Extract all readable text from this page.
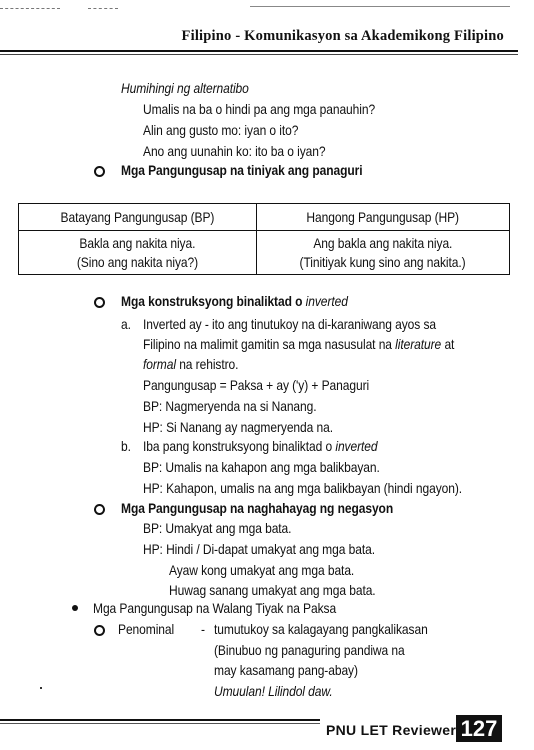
Filipino - Komunikasyon sa Akademikong Filipino
Humihingi ng alternatibo
Umalis na ba o hindi pa ang mga panauhin?
Alin ang gusto mo: iyan o ito?
Ano ang uunahin ko: ito ba o iyan?
Mga Pangungusap na tiniyak ang panaguri
Batayang Pangungusap (BP)	Hangong Pangungusap (HP)
Bakla ang nakita niya.
(Sino ang nakita niya?)
Ang bakla ang nakita niya.
(Tinitiyak kung sino ang nakita.)
Mga konstruksyong binaliktad o inverted
a. Inverted ay - ito ang tinutukoy na di-karaniwang ayos sa
Filipino na malimit gamitin sa mga nasusulat na literature at
formal na rehistro.
Pangungusap = Paksa + ay ('y) + Panaguri
BP: Nagmeryenda na si Nanang.
HP: Si Nanang ay nagmeryenda na.
b. Iba pang konstruksyong binaliktad o inverted
BP: Umalis na kahapon ang mga balikbayan.
HP: Kahapon, umalis na ang mga balikbayan (hindi ngayon).
Mga Pangungusap na naghahayag ng negasyon
BP: Umakyat ang mga bata.
HP: Hindi / Di-dapat umakyat ang mga bata.
Ayaw kong umakyat ang mga bata.
Huwag sanang umakyat ang mga bata.
Mga Pangungusap na Walang Tiyak na Paksa
Penominal - tumutukoy sa kalagayang pangkalikasan
(Binubuo ng panaguring pandiwa na
may kasamang pang-abay)
Umuulan! Lilindol daw.
PNU LET Reviewer 127
